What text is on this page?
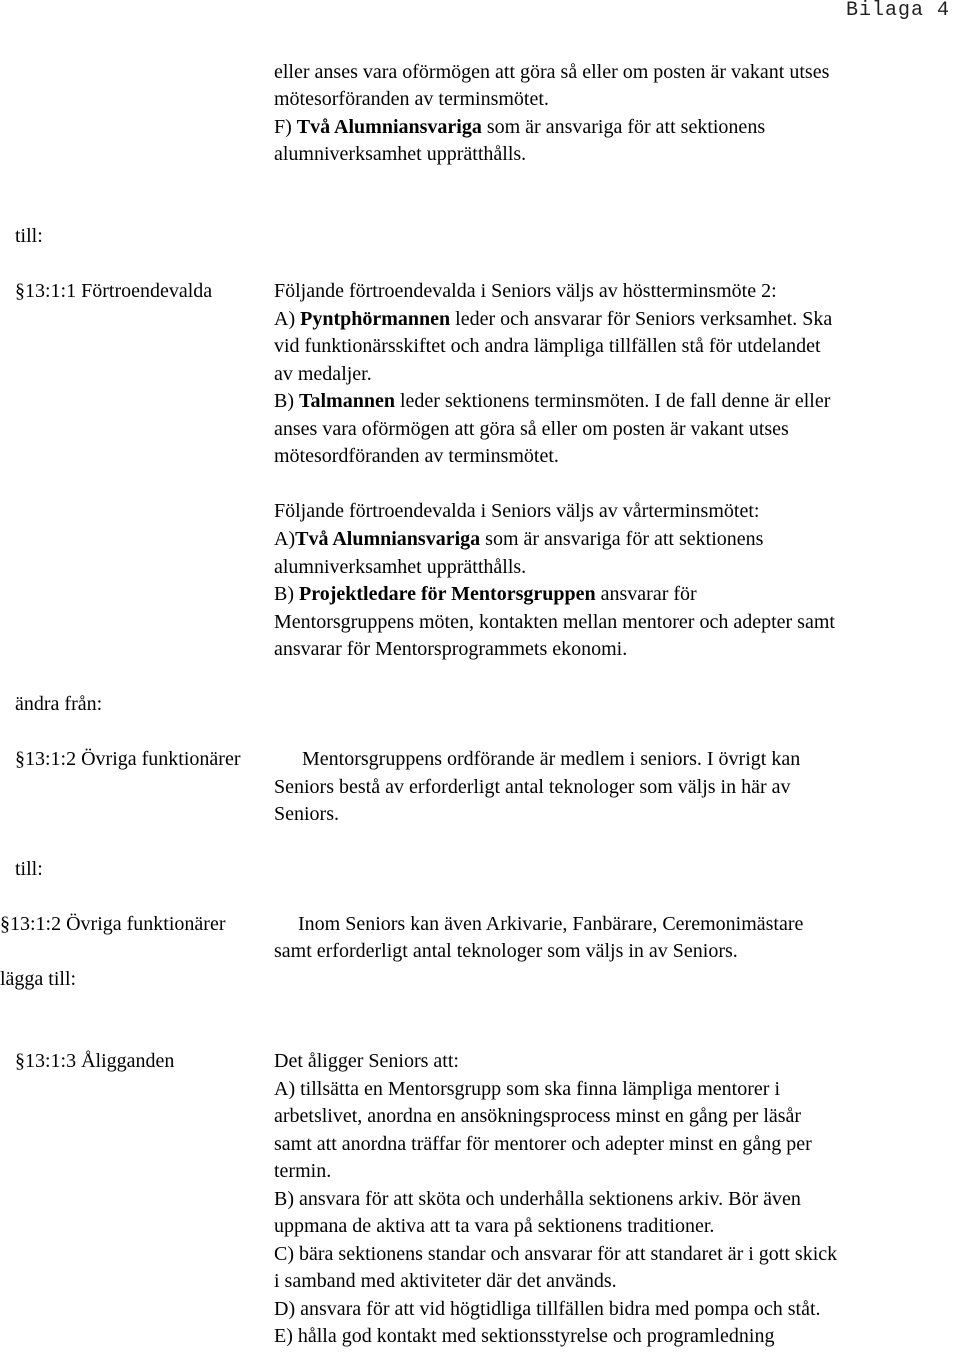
Bilaga 4
eller anses vara oförmögen att göra så eller om posten är vakant utses
mötesorföranden av terminsmötet.
F) Två Alumniansvariga som är ansvariga för att sektionens
alumniverksamhet upprätthålls.
till:
§13:1:1 Förtroendevalda	Följande förtroendevalda i Seniors väljs av höstterminsmöte 2:
A) Pyntphörmannen leder och ansvarar för Seniors verksamhet. Ska
vid funktionärsskiftet och andra lämpliga tillfällen stå för utdelandet
av medaljer.
B) Talmannen leder sektionens terminsmöten. I de fall denne är eller
anses vara oförmögen att göra så eller om posten är vakant utses
mötesordföranden av terminsmötet.
Följande förtroendevalda i Seniors väljs av vårterminsmötet:
A)Två Alumniansvariga som är ansvariga för att sektionens
alumniverksamhet upprätthålls.
B) Projektledare för Mentorsgruppen ansvarar för
Mentorsgruppens möten, kontakten mellan mentorer och adepter samt
ansvarar för Mentorsprogrammets ekonomi.
ändra från:
§13:1:2 Övriga funktionärer	Mentorsgruppens ordförande är medlem i seniors. I övrigt kan
Seniors bestå av erforderligt antal teknologer som väljs in här av
Seniors.
till:
§13:1:2 Övriga funktionärer	Inom Seniors kan även Arkivarie, Fanbärare, Ceremonimästare
samt erforderligt antal teknologer som väljs in av Seniors.
lägga till:
§13:1:3 Åligganden	Det åligger Seniors att:
A) tillsätta en Mentorsgrupp som ska finna lämpliga mentorer i
arbetslivet, anordna en ansökningsprocess minst en gång per läsår
samt att anordna träffar för mentorer och adepter minst en gång per
termin.
B) ansvara för att sköta och underhålla sektionens arkiv. Bör även
uppmana de aktiva att ta vara på sektionens traditioner.
C) bära sektionens standar och ansvarar för att standaret är i gott skick
i samband med aktiviteter där det används.
D) ansvara för att vid högtidliga tillfällen bidra med pompa och ståt.
E) hålla god kontakt med sektionsstyrelse och programledning
